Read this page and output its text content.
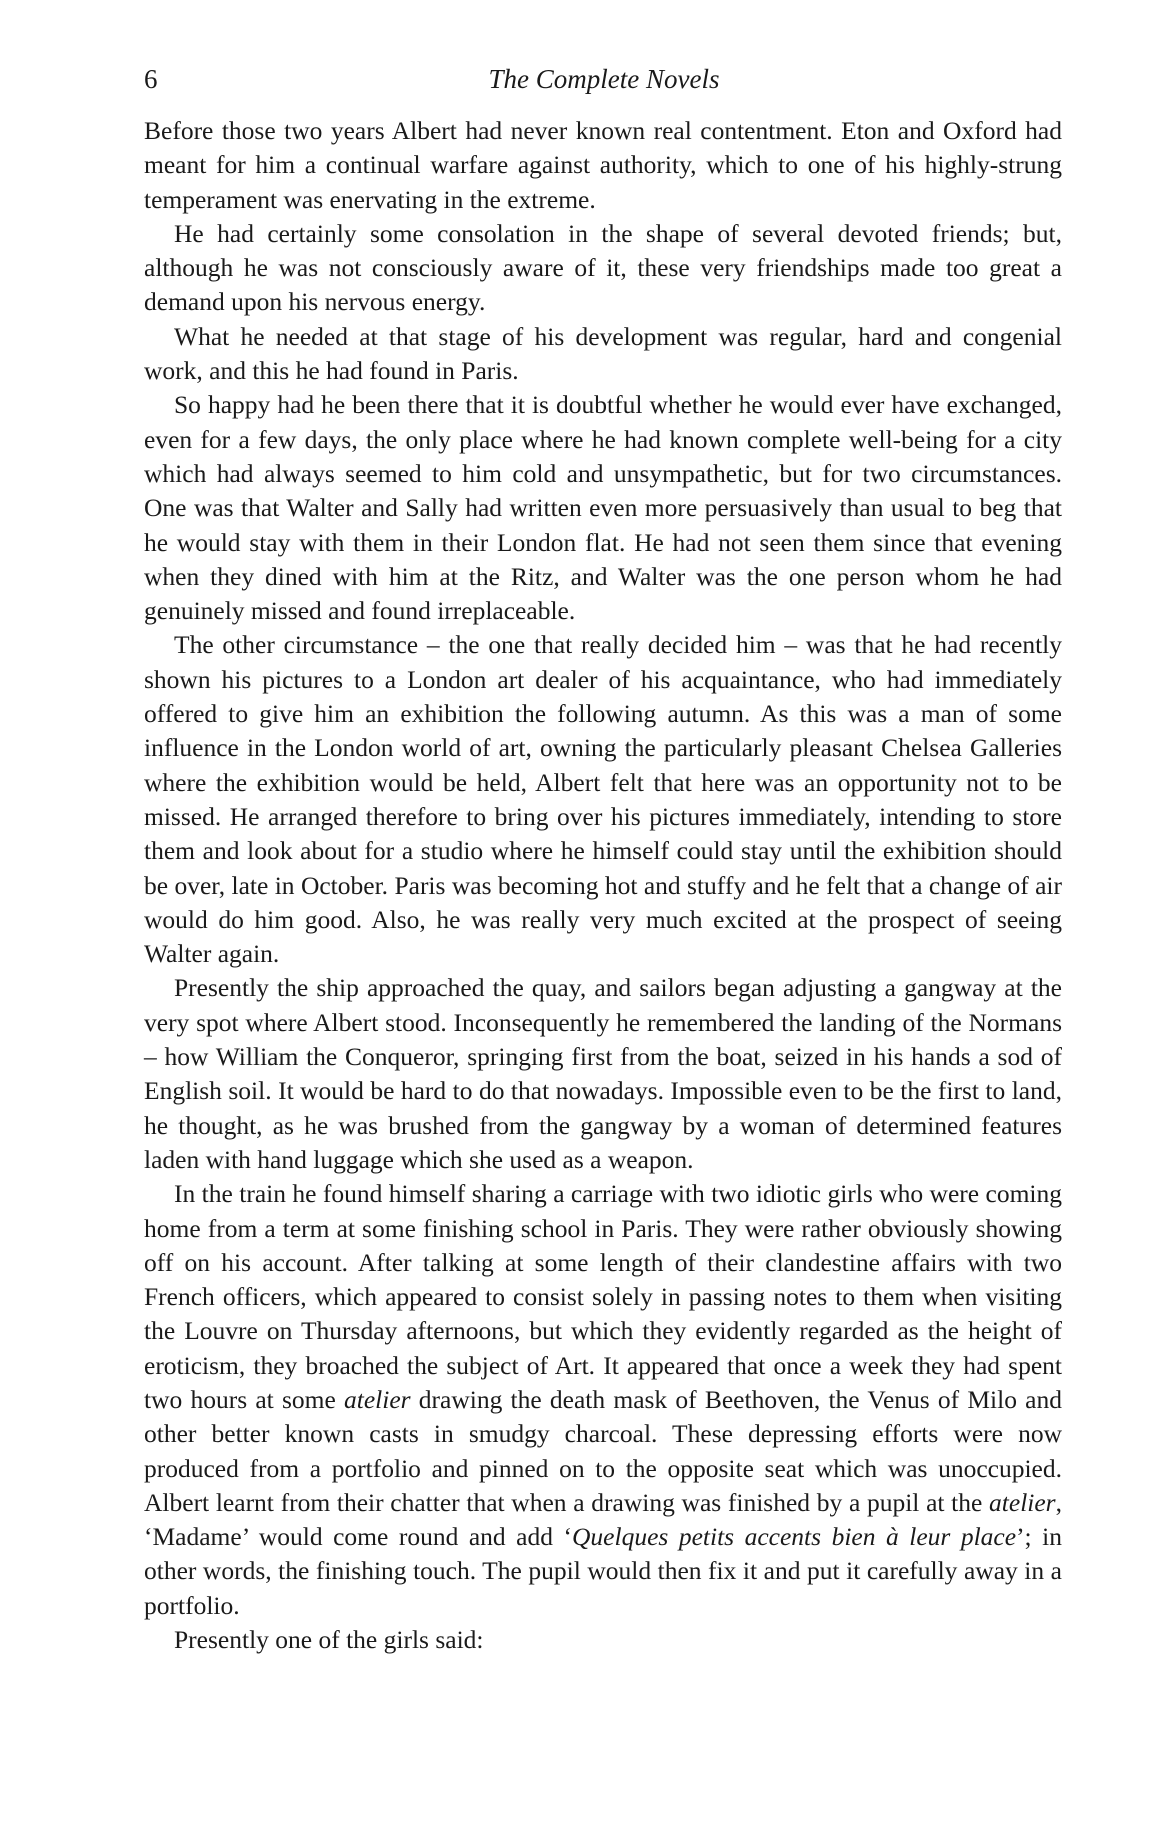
6	The Complete Novels

Before those two years Albert had never known real contentment. Eton and Oxford had meant for him a continual warfare against authority, which to one of his highly-strung temperament was enervating in the extreme.

He had certainly some consolation in the shape of several devoted friends; but, although he was not consciously aware of it, these very friendships made too great a demand upon his nervous energy.

What he needed at that stage of his development was regular, hard and congenial work, and this he had found in Paris.

So happy had he been there that it is doubtful whether he would ever have exchanged, even for a few days, the only place where he had known complete well-being for a city which had always seemed to him cold and unsympathetic, but for two circumstances. One was that Walter and Sally had written even more persuasively than usual to beg that he would stay with them in their London flat. He had not seen them since that evening when they dined with him at the Ritz, and Walter was the one person whom he had genuinely missed and found irreplaceable.

The other circumstance – the one that really decided him – was that he had recently shown his pictures to a London art dealer of his acquaintance, who had immediately offered to give him an exhibition the following autumn. As this was a man of some influence in the London world of art, owning the particularly pleasant Chelsea Galleries where the exhibition would be held, Albert felt that here was an opportunity not to be missed. He arranged therefore to bring over his pictures immediately, intending to store them and look about for a studio where he himself could stay until the exhibition should be over, late in October. Paris was becoming hot and stuffy and he felt that a change of air would do him good. Also, he was really very much excited at the prospect of seeing Walter again.

Presently the ship approached the quay, and sailors began adjusting a gangway at the very spot where Albert stood. Inconsequently he remembered the landing of the Normans – how William the Conqueror, springing first from the boat, seized in his hands a sod of English soil. It would be hard to do that nowadays. Impossible even to be the first to land, he thought, as he was brushed from the gangway by a woman of determined features laden with hand luggage which she used as a weapon.

In the train he found himself sharing a carriage with two idiotic girls who were coming home from a term at some finishing school in Paris. They were rather obviously showing off on his account. After talking at some length of their clandestine affairs with two French officers, which appeared to consist solely in passing notes to them when visiting the Louvre on Thursday afternoons, but which they evidently regarded as the height of eroticism, they broached the subject of Art. It appeared that once a week they had spent two hours at some atelier drawing the death mask of Beethoven, the Venus of Milo and other better known casts in smudgy charcoal. These depressing efforts were now produced from a portfolio and pinned on to the opposite seat which was unoccupied. Albert learnt from their chatter that when a drawing was finished by a pupil at the atelier, ‘Madame’ would come round and add ‘Quelques petits accents bien à leur place’; in other words, the finishing touch. The pupil would then fix it and put it carefully away in a portfolio.

Presently one of the girls said:
